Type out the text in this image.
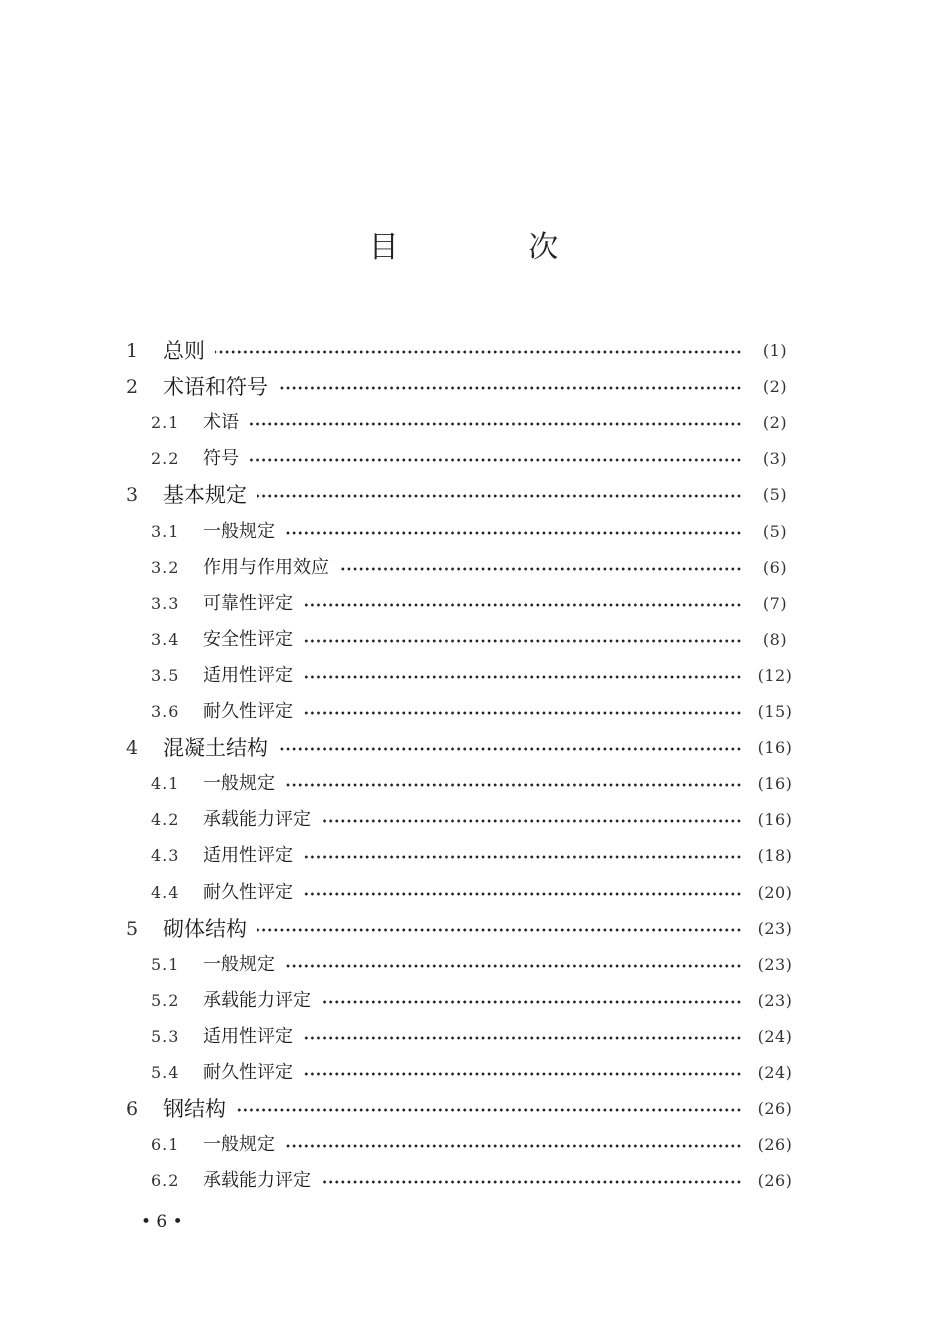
目 次
1 总则	(1)
2 术语和符号	(2)
2.1 术语	(2)
2.2 符号	(3)
3 基本规定	(5)
3.1 一般规定	(5)
3.2 作用与作用效应	(6)
3.3 可靠性评定	(7)
3.4 安全性评定	(8)
3.5 适用性评定	(12)
3.6 耐久性评定	(15)
4 混凝土结构	(16)
4.1 一般规定	(16)
4.2 承载能力评定	(16)
4.3 适用性评定	(18)
4.4 耐久性评定	(20)
5 砌体结构	(23)
5.1 一般规定	(23)
5.2 承载能力评定	(23)
5.3 适用性评定	(24)
5.4 耐久性评定	(24)
6 钢结构	(26)
6.1 一般规定	(26)
6.2 承载能力评定	(26)
• 6 •
